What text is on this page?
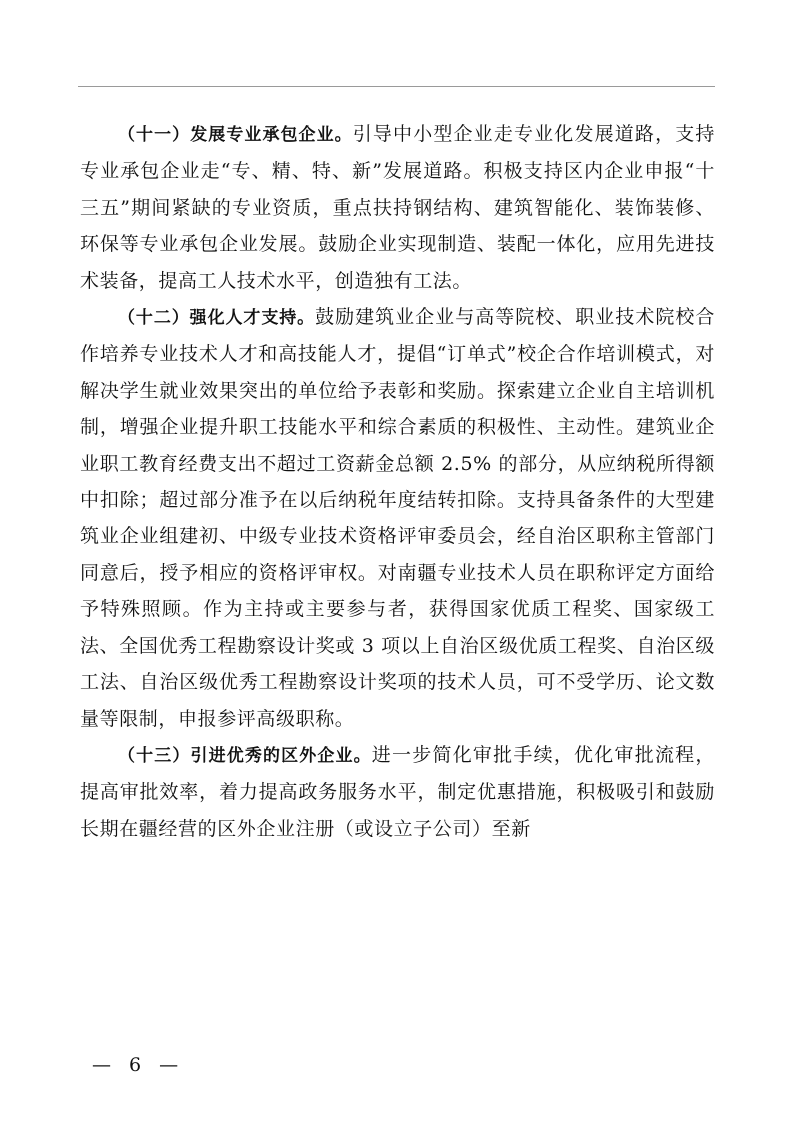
（十一）发展专业承包企业。引导中小型企业走专业化发展道路，支持专业承包企业走“专、精、特、新”发展道路。积极支持区内企业申报“十三五”期间紧缺的专业资质，重点扶持钢结构、建筑智能化、装饰装修、环保等专业承包企业发展。鼓励企业实现制造、装配一体化，应用先进技术装备，提高工人技术水平，创造独有工法。

（十二）强化人才支持。鼓励建筑业企业与高等院校、职业技术院校合作培养专业技术人才和高技能人才，提倡“订单式”校企合作培训模式，对解决学生就业效果突出的单位给予表彰和奖励。探索建立企业自主培训机制，增强企业提升职工技能水平和综合素质的积极性、主动性。建筑业企业职工教育经费支出不超过工资薪金总额 2.5% 的部分，从应纳税所得额中扣除；超过部分准予在以后纳税年度结转扣除。支持具备条件的大型建筑业企业组建初、中级专业技术资格评审委员会，经自治区职称主管部门同意后，授予相应的资格评审权。对南疆专业技术人员在职称评定方面给予特殊照顾。作为主持或主要参与者，获得国家优质工程奖、国家级工法、全国优秀工程勘察设计奖或 3 项以上自治区级优质工程奖、自治区级工法、自治区级优秀工程勘察设计奖项的技术人员，可不受学历、论文数量等限制，申报参评高级职称。

（十三）引进优秀的区外企业。进一步简化审批手续，优化审批流程，提高审批效率，着力提高政务服务水平，制定优惠措施，积极吸引和鼓励长期在疆经营的区外企业注册（或设立子公司）至新

— 6 —
